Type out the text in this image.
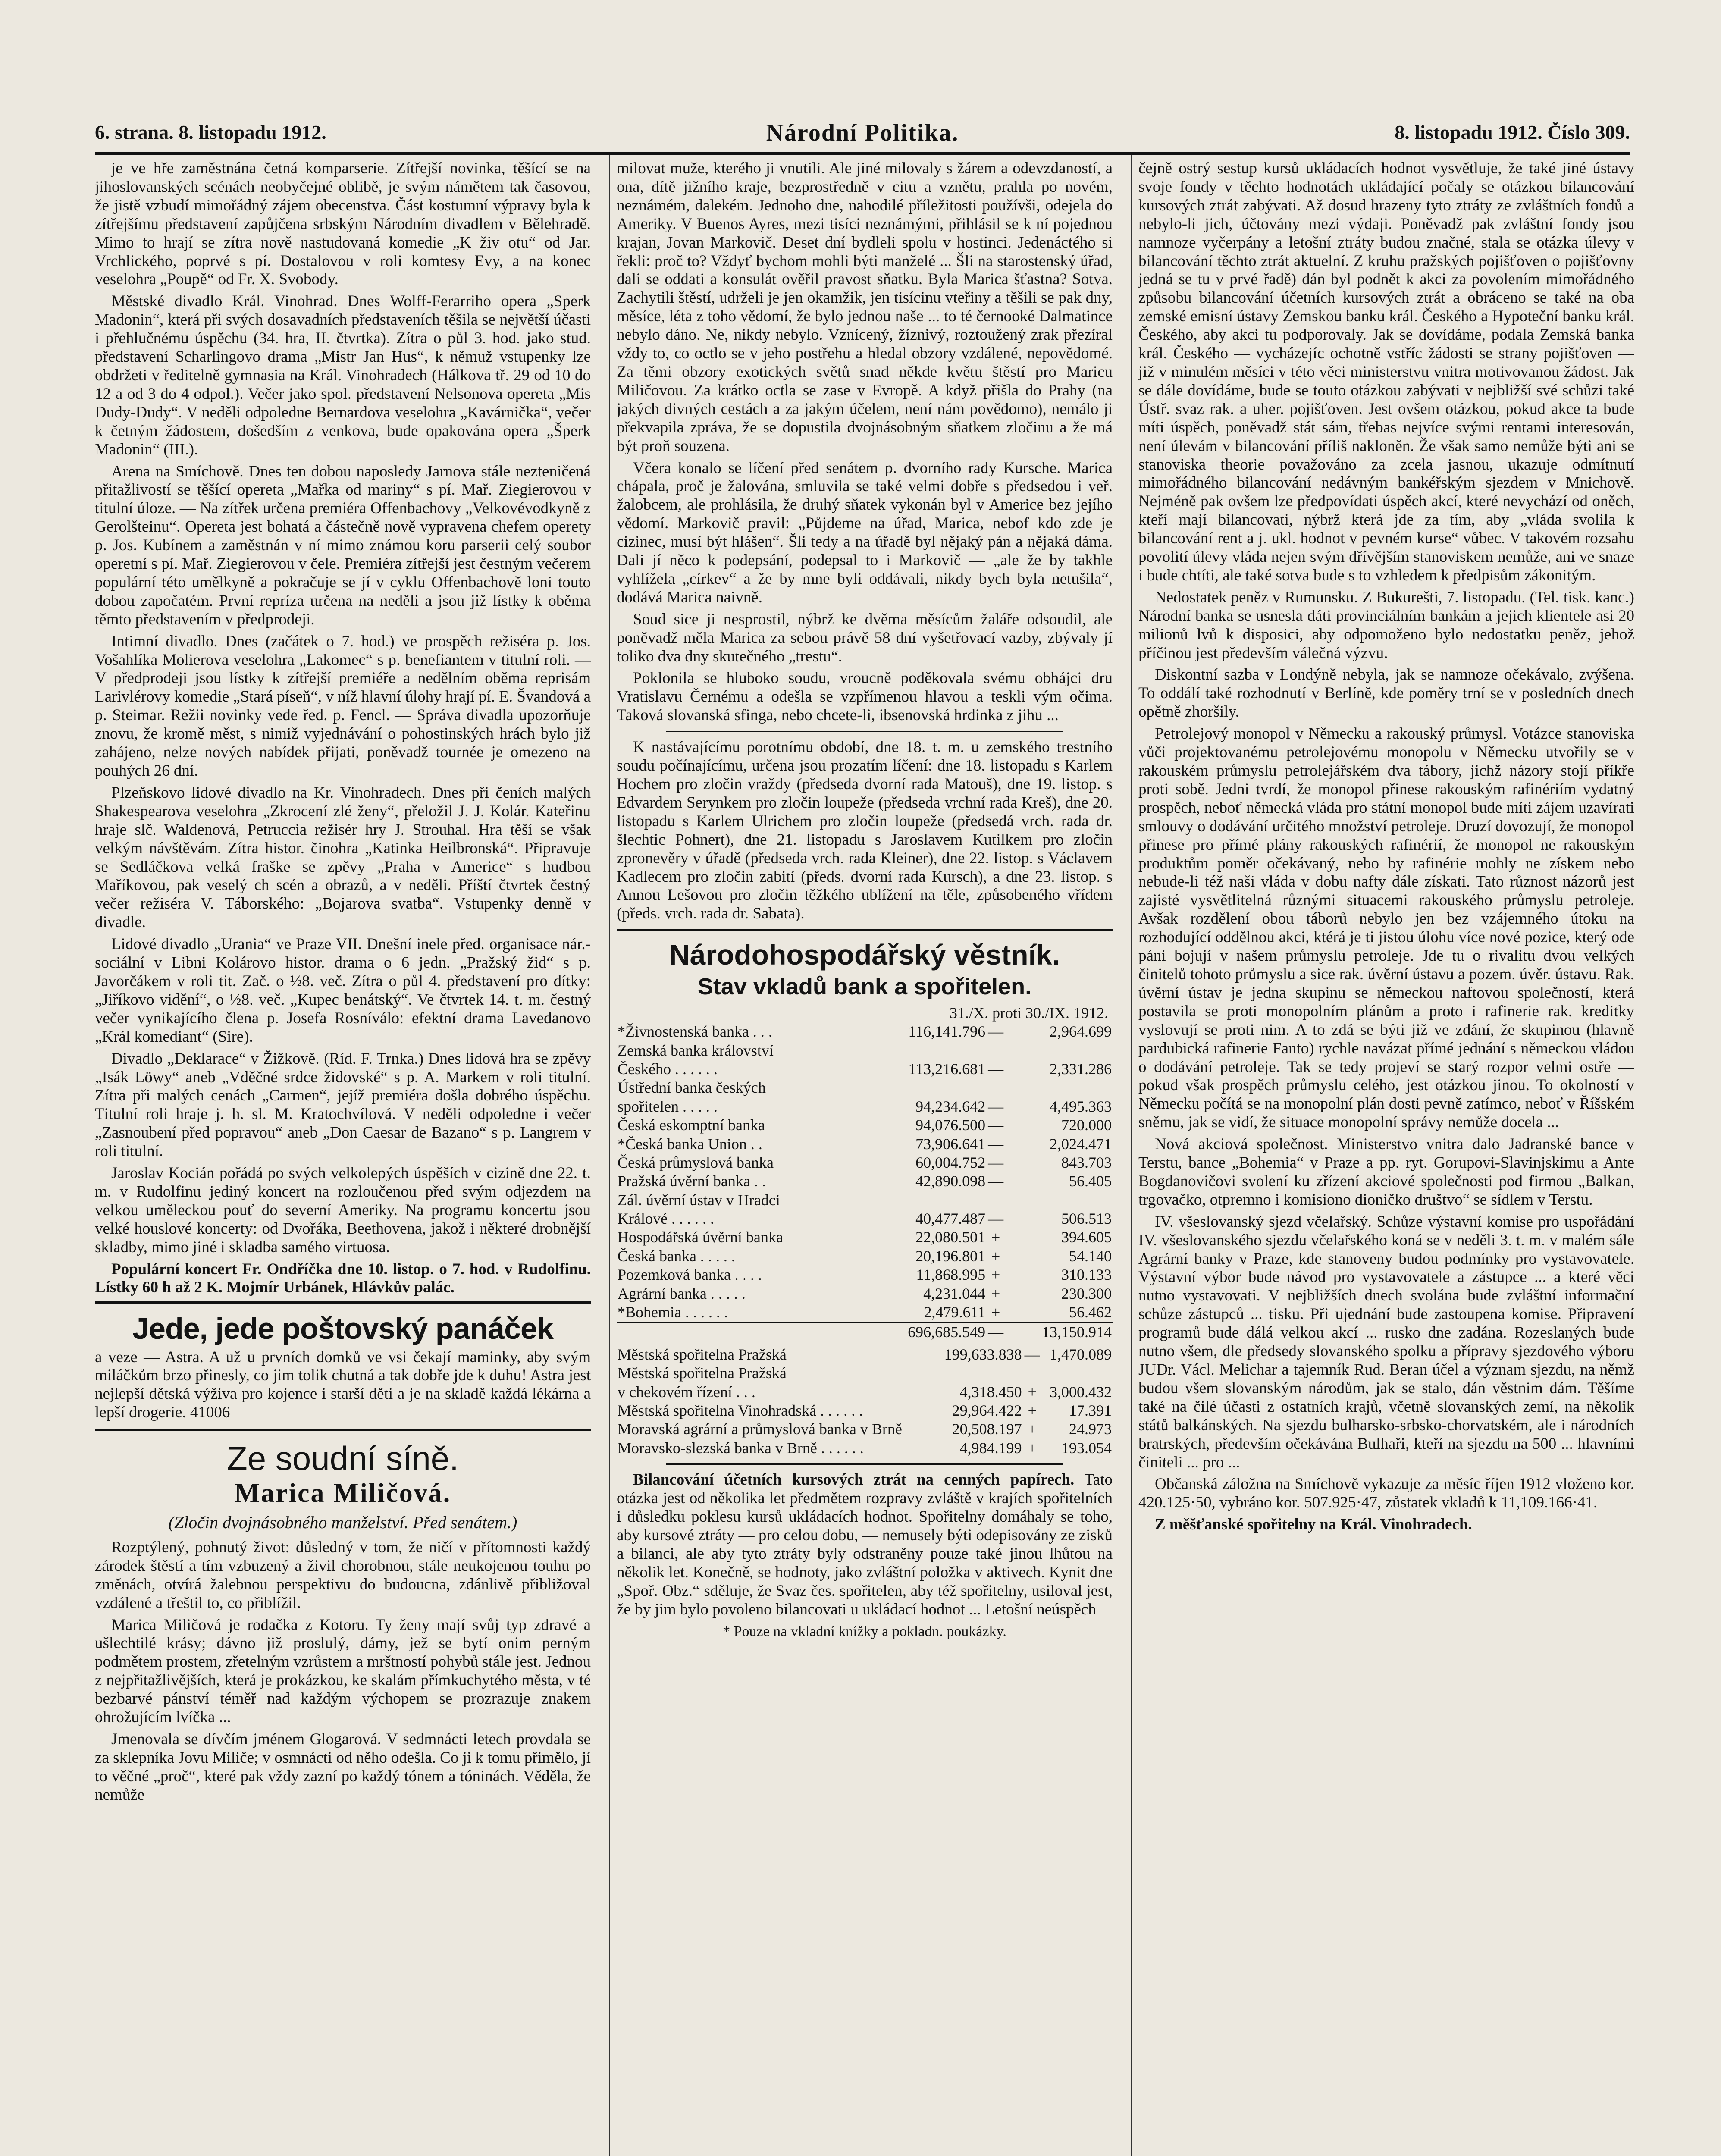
6. strana. 8. listopadu 1912.	Národní Politika.	8. listopadu 1912. Číslo 309.

je ve hře zaměstnána četná komparserie. Zítřejší novinka, těšící se na jihoslovanských scénách neobyčejné oblibě, je svým námětem tak časovou, že jistě vzbudí mimořádný zájem obecenstva. Část kostumní výpravy byla k zítřejšímu představení zapůjčena srbským Národním divadlem v Bělehradě. Mimo to hrají se zítra nově nastudovaná komedie „K živ otu“ od Jar. Vrchlického, poprvé s pí. Dostalovou v roli komtesy Evy, a na konec veselohra „Poupě“ od Fr. X. Svobody.

Městské divadlo Král. Vinohrad. Dnes Wolff-Ferarriho opera „Sperk Madonin“, která při svých dosavadních představeních těšila se největší účasti i přehlučnému úspěchu (34. hra, II. čtvrtka). Zítra o půl 3. hod. jako stud. představení Scharlingovo drama „Mistr Jan Hus“, k němuž vstupenky lze obdržeti v ředitelně gymnasia na Král. Vinohradech (Hálkova tř. 29 od 10 do 12 a od 3 do 4 odpol.). Večer jako spol. představení Nelsonova opereta „Mis Dudy-Dudy“. V neděli odpoledne Bernardova veselohra „Kavárnička“, večer k četným žádostem, došedším z venkova, bude opakována opera „Šperk Madonin“ (III.).

Arena na Smíchově. Dnes ten dobou naposledy Jarnova stále nezteničená přitažlivostí se těšící opereta „Mařka od mariny“ s pí. Mař. Ziegierovou v titulní úloze. — Na zítřek určena premiéra Offenbachovy „Velkovévodkyně z Gerolšteinu“. Opereta jest bohatá a částečně nově vypravena chefem operety p. Jos. Kubínem a zaměstnán v ní mimo známou koru parserii celý soubor operetní s pí. Mař. Ziegierovou v čele. Premiéra zítřejší jest čestným večerem populární této umělkyně a pokračuje se jí v cyklu Offenbachově loni touto dobou započatém. První repríza určena na neděli a jsou již lístky k oběma těmto představením v předprodeji.

Intimní divadlo. Dnes (začátek o 7. hod.) ve prospěch režiséra p. Jos. Vošahlíka Molierova veselohra „Lakomec“ s p. benefiantem v titulní roli. — V předprodeji jsou lístky k zítřejší premiéře a nedělním oběma reprisám Larivlérovy komedie „Stará píseň“, v níž hlavní úlohy hrají pí. E. Švandová a p. Steimar. Režii novinky vede řed. p. Fencl. — Správa divadla upozorňuje znovu, že kromě měst, s nimiž vyjednávání o pohostinských hrách bylo již zahájeno, nelze nových nabídek přijati, poněvadž tournée je omezeno na pouhých 26 dní.

Plzeňskovo lidové divadlo na Kr. Vinohradech. Dnes při čeních malých Shakespearova veselohra „Zkrocení zlé ženy“, přeložil J. J. Kolár. Kateřinu hraje slč. Waldenová, Petruccia režisér hry J. Strouhal. Hra těší se však velkým návštěvám. Zítra histor. činohra „Katinka Heilbronská“. Připravuje se Sedláčkova velká fraške se zpěvy „Praha v Americe“ s hudbou Maříkovou, pak veselý ch scén a obrazů, a v neděli. Příští čtvrtek čestný večer režiséra V. Táborského: „Bojarova svatba“. Vstupenky denně v divadle.

Lidové divadlo „Urania“ ve Praze VII. Dnešní inele před. organisace nár.-sociální v Libni Kolárovo histor. drama o 6 jedn. „Pražský žid“ s p. Javorčákem v roli tit. Zač. o ½8. več. Zítra o půl 4. představení pro dítky: „Jiříkovo vidění“, o ½8. več. „Kupec benátský“. Ve čtvrtek 14. t. m. čestný večer vynikajícího člena p. Josefa Rosníválo: efektní drama Lavedanovo „Král komediant“ (Sire).

Divadlo „Deklarace“ v Žižkově. (Ríd. F. Trnka.) Dnes lidová hra se zpěvy „Isák Löwy“ aneb „Vděčné srdce židovské“ s p. A. Markem v roli titulní. Zítra při malých cenách „Carmen“, jejíž premiéra došla dobrého úspěchu. Titulní roli hraje j. h. sl. M. Kratochvílová. V neděli odpoledne i večer „Zasnoubení před popravou“ aneb „Don Caesar de Bazano“ s p. Langrem v roli titulní.

Jaroslav Kocián pořádá po svých velkolepých úspěších v cizině dne 22. t. m. v Rudolfinu jediný koncert na rozloučenou před svým odjezdem na velkou uměleckou pouť do severní Ameriky. Na programu koncertu jsou velké houslové koncerty: od Dvořáka, Beethovena, jakož i některé drobnější skladby, mimo jiné i skladba samého virtuosa.

Populární koncert Fr. Ondříčka dne 10. listop. o 7. hod. v Rudolfinu. Lístky 60 h až 2 K. Mojmír Urbánek, Hlávkův palác.

Jede, jede poštovský panáček

a veze — Astra. A už u prvních domků ve vsi čekají maminky, aby svým miláčkům brzo přinesly, co jim tolik chutná a tak dobře jde k duhu! Astra jest nejlepší dětská výživa pro kojence i starší děti a je na skladě každá lékárna a lepší drogerie. 41006

Ze soudní síně.
Marica Miličová.
(Zločin dvojnásobného manželství. Před senátem.)

Rozptýlený, pohnutý život: důsledný v tom, že ničí v přítomnosti každý zárodek štěstí a tím vzbuzený a živil chorobnou, stále neukojenou touhu po změnách, otvírá žalebnou perspektivu do budoucna, zdánlivě přibližoval vzdálené a třeštil to, co přiblížil.

Marica Miličová je rodačka z Kotoru. Ty ženy mají svůj typ zdravé a ušlechtilé krásy; dávno již proslulý, dámy, jež se bytí onim perným podmětem prostem, zřetelným vzrůstem a mrštností pohybů stále jest. Jednou z nejpřitažlivějších, která je prokázkou, ke skalám přímkuchytého města, v té bezbarvé pánství téměř nad každým výchopem se prozrazuje znakem ohrožujícím lvíčka ...

Jmenovala se dívčím jménem Glogarová. V sedmnácti letech provdala se za sklepníka Jovu Miliče; v osmnácti od něho odešla. Co ji k tomu přimělo, jí to věčné „proč“, které pak vždy zazní po každý tónem a tóninách. Věděla, že nemůže

milovat muže, kterého ji vnutili. Ale jiné milovaly s žárem a odevzdaností, a ona, dítě jižního kraje, bezprostředně v citu a vznětu, prahla po novém, neznámém, dalekém. Jednoho dne, nahodilé příležitosti používši, odejela do Ameriky. V Buenos Ayres, mezi tisíci neznámými, přihlásil se k ní pojednou krajan, Jovan Markovič. Deset dní bydleli spolu v hostinci. Jedenáctého si řekli: proč to? Vždyť bychom mohli býti manželé ... Šli na starostenský úřad, dali se oddati a konsulát ověřil pravost sňatku. Byla Marica šťastna? Sotva. Zachytili štěstí, udrželi je jen okamžik, jen tisícinu vteřiny a těšili se pak dny, měsíce, léta z toho vědomí, že bylo jednou naše ... to té černooké Dalmatince nebylo dáno. Ne, nikdy nebylo. Vznícený, žíznivý, roztoužený zrak přezíral vždy to, co octlo se v jeho postřehu a hledal obzory vzdálené, nepovědomé. Za těmi obzory exotických světů snad někde květu štěstí pro Maricu Miličovou. Za krátko octla se zase v Evropě. A když přišla do Prahy (na jakých divných cestách a za jakým účelem, není nám povědomo), nemálo ji překvapila zpráva, že se dopustila dvojnásobným sňatkem zločinu a že má být proň souzena.

Včera konalo se líčení před senátem p. dvorního rady Kursche. Marica chápala, proč je žalována, smluvila se také velmi dobře s předsedou i veř. žalobcem, ale prohlásila, že druhý sňatek vykonán byl v Americe bez jejího vědomí. Markovič pravil: „Půjdeme na úřad, Marica, nebof kdo zde je cizinec, musí být hlášen“. Šli tedy a na úřadě byl nějaký pán a nějaká dáma. Dali jí něco k podepsání, podepsal to i Markovič — „ale že by takhle vyhlížela „církev“ a že by mne byli oddávali, nikdy bych byla netušila“, dodává Marica naivně.

Soud sice ji nesprostil, nýbrž ke dvěma měsícům žaláře odsoudil, ale poněvadž měla Marica za sebou právě 58 dní vyšetřovací vazby, zbývaly jí toliko dva dny skutečného „trestu“.

Poklonila se hluboko soudu, vroucně poděkovala svému obhájci dru Vratislavu Černému a odešla se vzpřímenou hlavou a teskli vým očima. Taková slovanská sfinga, nebo chcete-li, ibsenovská hrdinka z jihu ...

K nastávajícímu porotnímu období, dne 18. t. m. u zemského trestního soudu počínajícímu, určena jsou prozatím líčení: dne 18. listopadu s Karlem Hochem pro zločin vraždy (předseda dvorní rada Matouš), dne 19. listop. s Edvardem Serynkem pro zločin loupeže (předseda vrchní rada Kreš), dne 20. listopadu s Karlem Ulrichem pro zločin loupeže (předsedá vrch. rada dr. šlechtic Pohnert), dne 21. listopadu s Jaroslavem Kutilkem pro zločin zpronevěry v úřadě (předseda vrch. rada Kleiner), dne 22. listop. s Václavem Kadlecem pro zločin zabití (předs. dvorní rada Kursch), a dne 23. listop. s Annou Lešovou pro zločin těžkého ublížení na těle, způsobeného vřídem (předs. vrch. rada dr. Sabata).

Národohospodářský věstník.
Stav vkladů bank a spořitelen.
31./X. proti 30./IX. 1912.
*Živnostenská banka . . .	116,141.796	—	2,964.699
Zemská banka království			
Českého . . . . . .	113,216.681	—	2,331.286
Ústřední banka českých			
spořitelen . . . . .	94,234.642	—	4,495.363
Česká eskomptní banka	94,076.500	—	720.000
*Česká banka Union . .	73,906.641	—	2,024.471
Česká průmyslová banka	60,004.752	—	843.703
Pražská úvěrní banka . .	42,890.098	—	56.405
Zál. úvěrní ústav v Hradci			
Králové . . . . . .	40,477.487	—	506.513
Hospodářská úvěrní banka	22,080.501	+	394.605
Česká banka . . . . .	20,196.801	+	54.140
Pozemková banka . . . .	11,868.995	+	310.133
Agrární banka . . . . .	4,231.044	+	230.300
*Bohemia . . . . . .	2,479.611	+	56.462
	696,685.549	—	13,150.914
Městská spořitelna Pražská	199,633.838	—	1,470.089
Městská spořitelna Pražská			
v chekovém řízení . . .	4,318.450	+	3,000.432
Městská spořitelna Vinohradská . . . . . .	29,964.422	+	17.391
Moravská agrární a průmyslová banka v Brně	20,508.197	+	24.973
Moravsko-slezská banka v Brně . . . . . .	4,984.199	+	193.054

Bilancování účetních kursových ztrát na cenných papírech. Tato otázka jest od několika let předmětem rozpravy zvláště v krajích spořitelních i důsledku poklesu kursů ukládacích hodnot. Spořitelny domáhaly se toho, aby kursové ztráty — pro celou dobu, — nemusely býti odepisovány ze zisků a bilanci, ale aby tyto ztráty byly odstraněny pouze také jinou lhůtou na několik let. Konečně, se hodnoty, jako zvláštní položka v aktivech. Kynit dne „Spoř. Obz.“ sděluje, že Svaz čes. spořitelen, aby též spořitelny, usiloval jest, že by jim bylo povoleno bilancovati u ukládací hodnot ... Letošní neúspěch

* Pouze na vkladní knížky a pokladn. poukázky.

čejně ostrý sestup kursů ukládacích hodnot vysvětluje, že také jiné ústavy svoje fondy v těchto hodnotách ukládající počaly se otázkou bilancování kursových ztrát zabývati. Až dosud hrazeny tyto ztráty ze zvláštních fondů a nebylo-li jich, účtovány mezi výdaji. Poněvadž pak zvláštní fondy jsou namnoze vyčerpány a letošní ztráty budou značné, stala se otázka úlevy v bilancování těchto ztrát aktuelní. Z kruhu pražských pojišťoven o pojišťovny jedná se tu v prvé řadě) dán byl podnět k akci za povolením mimořádného způsobu bilancování účetních kursových ztrát a obráceno se také na oba zemské emisní ústavy Zemskou banku král. Českého a Hypoteční banku král. Českého, aby akci tu podporovaly. Jak se dovídáme, podala Zemská banka král. Českého — vycházejíc ochotně vstříc žádosti se strany pojišťoven — již v minulém měsíci v této věci ministerstvu vnitra motivovanou žádost. Jak se dále dovídáme, bude se touto otázkou zabývati v nejbližší své schůzi také Ústř. svaz rak. a uher. pojišťoven. Jest ovšem otázkou, pokud akce ta bude míti úspěch, poněvadž stát sám, třebas nejvíce svými rentami interesován, není úlevám v bilancování příliš nakloněn. Že však samo nemůže býti ani se stanoviska theorie považováno za zcela jasnou, ukazuje odmítnutí mimořádného bilancování nedávným bankéřským sjezdem v Mnichově. Nejméně pak ovšem lze předpovídati úspěch akcí, které nevychází od oněch, kteří mají bilancovati, nýbrž která jde za tím, aby „vláda svolila k bilancování rent a j. ukl. hodnot v pevném kurse“ vůbec. V takovém rozsahu povolití úlevy vláda nejen svým dřívějším stanoviskem nemůže, ani ve snaze i bude chtíti, ale také sotva bude s to vzhledem k předpisům zákonitým.

Nedostatek peněz v Rumunsku. Z Bukurešti, 7. listopadu. (Tel. tisk. kanc.) Národní banka se usnesla dáti provinciálním bankám a jejich klientele asi 20 milionů lvů k disposici, aby odpomoženo bylo nedostatku peněz, jehož příčinou jest především válečná výzvu.

Diskontní sazba v Londýně nebyla, jak se namnoze očekávalo, zvýšena. To oddálí také rozhodnutí v Berlíně, kde poměry trní se v posledních dnech opětně zhoršily.

Petrolejový monopol v Německu a rakouský průmysl. Votázce stanoviska vůči projektovanému petrolejovému monopolu v Německu utvořily se v rakouském průmyslu petrolejářském dva tábory, jichž názory stojí příkře proti sobě. Jedni tvrdí, že monopol přinese rakouským rafinériím vydatný prospěch, neboť německá vláda pro státní monopol bude míti zájem uzavírati smlouvy o dodávání určitého množství petroleje. Druzí dovozují, že monopol přinese pro přímé plány rakouských rafinérií, že monopol ne rakouským produktům poměr očekávaný, nebo by rafinérie mohly ne získem nebo nebude-li též naši vláda v dobu nafty dále získati. Tato různost názorů jest zajisté vysvětlitelná různými situacemi rakouského průmyslu petroleje. Avšak rozdělení obou táborů nebylo jen bez vzájemného útoku na rozhodující oddělnou akci, ktérá je ti jistou úlohu více nové pozice, který ode páni bojují v našem průmyslu petroleje. Jde tu o rivalitu dvou velkých činitelů tohoto průmyslu a sice rak. úvěrní ústavu a pozem. úvěr. ústavu. Rak. úvěrní ústav je jedna skupinu se německou naftovou společností, která postavila se proti monopolním plánům a proto i rafinerie rak. kreditky vyslovují se proti nim. A to zdá se býti již ve zdání, že skupinou (hlavně pardubická rafinerie Fanto) rychle navázat přímé jednání s německou vládou o dodávání petroleje. Tak se tedy projeví se starý rozpor velmi ostře — pokud však prospěch průmyslu celého, jest otázkou jinou. To okolností v Německu počítá se na monopolní plán dosti pevně zatímco, neboť v Říšském sněmu, jak se vidí, že situace monopolní správy nemůže docela ...

Nová akciová společnost. Ministerstvo vnitra dalo Jadranské bance v Terstu, bance „Bohemia“ v Praze a pp. ryt. Gorupovi-Slavinjskimu a Ante Bogdanovičovi svolení ku zřízení akciové společnosti pod firmou „Balkan, trgovačko, otpremno i komisiono dioničko društvo“ se sídlem v Terstu.

IV. všeslovanský sjezd včelařský. Schůze výstavní komise pro uspořádání IV. všeslovanského sjezdu včelařského koná se v neděli 3. t. m. v malém sále Agrární banky v Praze, kde stanoveny budou podmínky pro vystavovatele. Výstavní výbor bude návod pro vystavovatele a zástupce ... a které věci nutno vystavovati. V nejbližších dnech svolána bude zvláštní informační schůze zástupců ... tisku. Při ujednání bude zastoupena komise. Připravení programů bude dálá velkou akcí ... rusko dne zadána. Rozeslaných bude nutno všem, dle předsedy slovanského spolku a přípravy sjezdového výboru JUDr. Václ. Melichar a tajemník Rud. Beran účel a význam sjezdu, na němž budou všem slovanským národům, jak se stalo, dán věstnim dám. Těšíme také na čilé účasti z ostatních krajů, včetně slovanských zemí, na několik států balkánských. Na sjezdu bulharsko-srbsko-chorvatském, ale i národních bratrských, především očekávána Bulhaři, kteří na sjezdu na 500 ... hlavními činiteli ... pro ...

Občanská záložna na Smíchově vykazuje za měsíc říjen 1912 vloženo kor. 420.125·50, vybráno kor. 507.925·47, zůstatek vkladů k 11,109.166·41.

Z měšťanské spořitelny na Král. Vinohradech.
